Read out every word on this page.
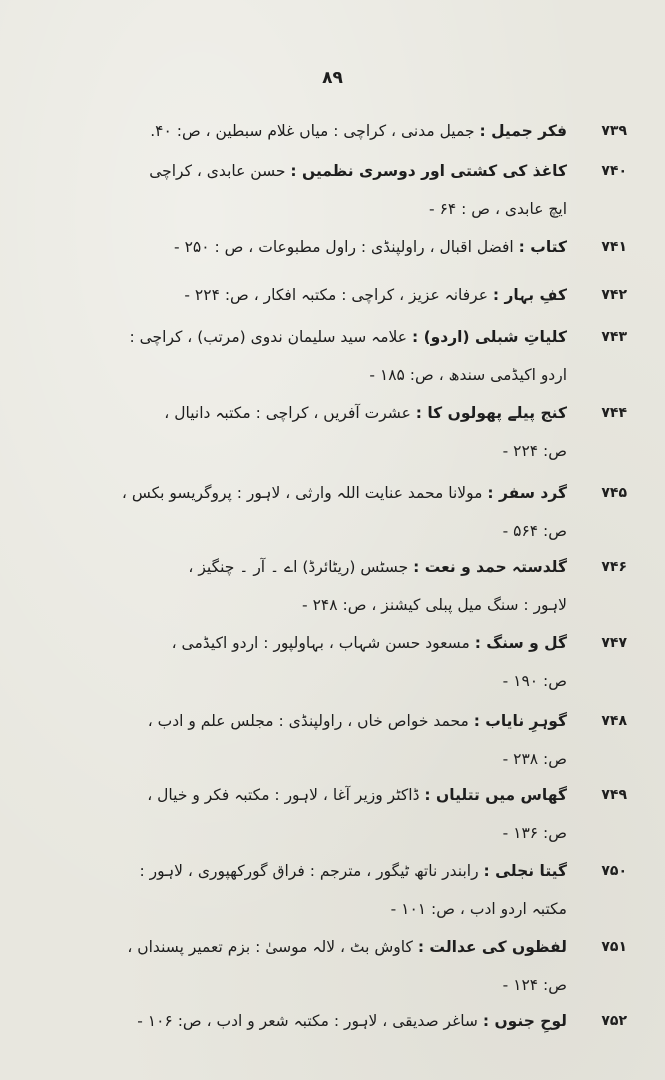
۸۹
۷۳۹
فکر جمیل : جمیل مدنی ، کراچی : میاں غلام سبطین ، ص: ۴۰.
۷۴۰
کاغذ کی کشتی اور دوسری نظمیں : حسن عابدی ، کراچی
ایچ عابدی ، ص : ۶۴ -
۷۴۱
کتاب : افضل اقبال ، راولپنڈی : راول مطبوعات ، ص : ۲۵۰ -
۷۴۲
کفِ بہار : عرفانہ عزیز ، کراچی : مکتبہ افکار ، ص: ۲۲۴ -
۷۴۳
کلیاتِ شبلی (اردو) : علامہ سید سلیمان ندوی (مرتب) ، کراچی :
اردو اکیڈمی سندھ ، ص: ۱۸۵ -
۷۴۴
کنج پیلے پھولوں کا : عشرت آفریں ، کراچی : مکتبہ دانیال ،
ص: ۲۲۴ -
۷۴۵
گرد سفر : مولانا محمد عنایت اللہ وارثی ، لاہور : پروگریسو بکس ،
ص: ۵۶۴ -
۷۴۶
گلدستہ حمد و نعت : جسٹس (ریٹائرڈ) اے ۔ آر ۔ چنگیز ،
لاہور : سنگ میل پبلی کیشنز ، ص: ۲۴۸ -
۷۴۷
گل و سنگ : مسعود حسن شہاب ، بہاولپور : اردو اکیڈمی ،
ص: ۱۹۰ -
۷۴۸
گوہرِ نایاب : محمد خواص خاں ، راولپنڈی : مجلس علم و ادب ،
ص: ۲۳۸ -
۷۴۹
گھاس میں تتلیاں : ڈاکٹر وزیر آغا ، لاہور : مکتبہ فکر و خیال ،
ص: ۱۳۶ -
۷۵۰
گیتا نجلی : رابندر ناتھ ٹیگور ، مترجم : فراق گورکھپوری ، لاہور :
مکتبہ اردو ادب ، ص: ۱۰۱ -
۷۵۱
لفظوں کی عدالت : کاوش بٹ ، لالہ موسیٰ : بزم تعمیر پسنداں ،
ص: ۱۲۴ -
۷۵۲
لوحِ جنوں : ساغر صدیقی ، لاہور : مکتبہ شعر و ادب ، ص: ۱۰۶ -
